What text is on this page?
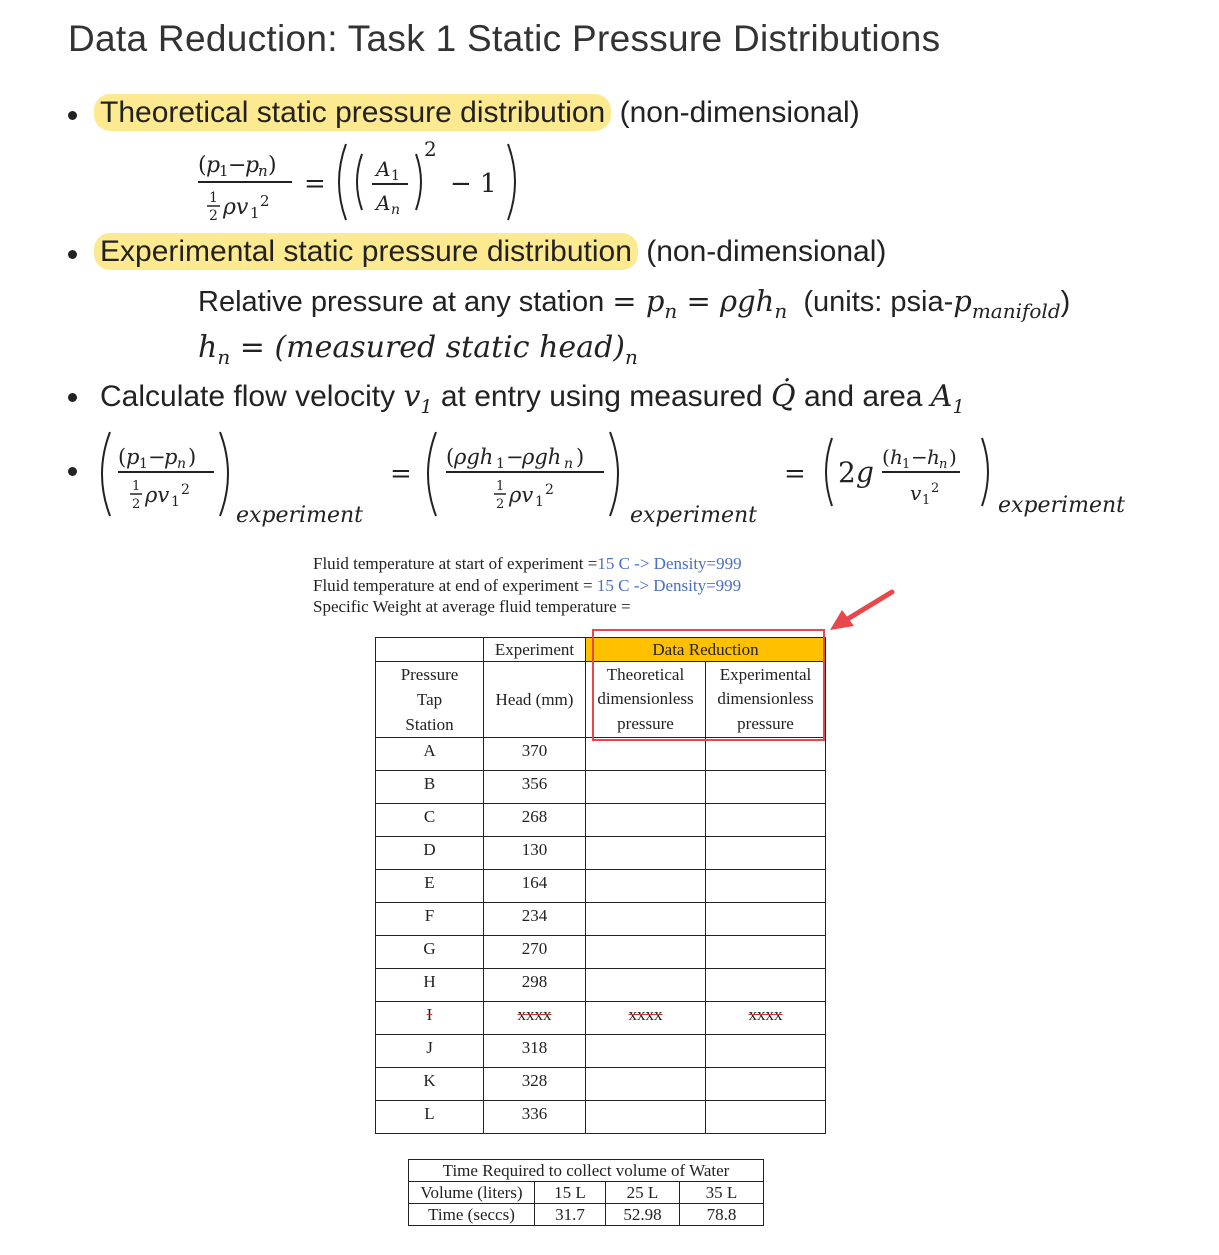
Data Reduction: Task 1 Static Pressure Distributions
Theoretical static pressure distribution (non-dimensional)
( p
1 −
p
n )
1
2 ρv 1
2
=	A 1
A n
2
− 1
Experimental static pressure distribution (non-dimensional)
Relative pressure at any station = $p_n = \rho gh_n$ (units: psia-$p_{manifold}$)
$h_n$ = (measured static $head)_n$
Calculate flow velocity $v_1$ at entry using measured Q̇ and area $A_1$
( p 1 −
p n )
1
2 ρv 1
2
experiment
=
( ρgh 1 −
ρgh n )
1
2 ρv 1
2
experiment
= 2 g ( h 1 − h n )
v 1
2
experiment
Fluid temperature at start of experiment =15 C -> Density=999
Fluid temperature at end of experiment = 15 C -> Density=999
Specific Weight at average fluid temperature =
	Experiment	Data Reduction	
Pressure Tap Station	Head (mm)	Theoretical dimensionless pressure	Experimental dimensionless pressure
A	370		
B	356		
C	268		
D	130		
E	164		
F	234		
G	270		
H	298		
I	xxxx	xxxx	xxxx
J	318		
K	328		
L	336		
Time Required to collect volume of Water			
Volume (liters)	15 L	25 L	35 L
Time (seccs)	31.7	52.98	78.8
